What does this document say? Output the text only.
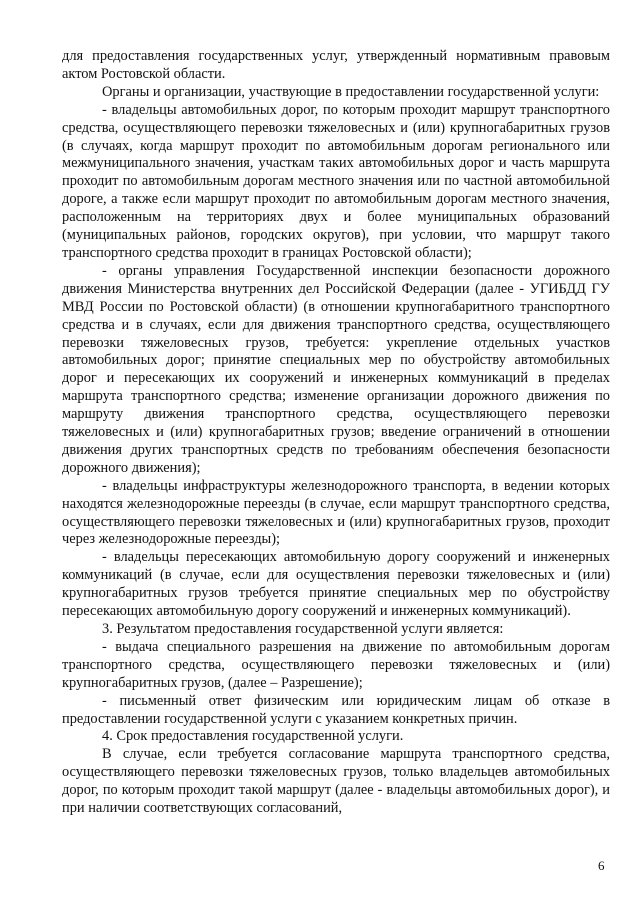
для предоставления государственных услуг, утвержденный нормативным правовым актом Ростовской области.

Органы и организации, участвующие в предоставлении государственной услуги:

- владельцы автомобильных дорог, по которым проходит маршрут транспортного средства, осуществляющего перевозки тяжеловесных и (или) крупногабаритных грузов (в случаях, когда маршрут проходит по автомобильным дорогам регионального или межмуниципального значения, участкам таких автомобильных дорог и часть маршрута проходит по автомобильным дорогам местного значения или по частной автомобильной дороге, а также если маршрут проходит по автомобильным дорогам местного значения, расположенным на территориях двух и более муниципальных образований (муниципальных районов, городских округов), при условии, что маршрут такого транспортного средства проходит в границах Ростовской области);

- органы управления Государственной инспекции безопасности дорожного движения Министерства внутренних дел Российской Федерации (далее - УГИБДД ГУ МВД России по Ростовской области) (в отношении крупногабаритного транспортного средства и в случаях, если для движения транспортного средства, осуществляющего перевозки тяжеловесных грузов, требуется: укрепление отдельных участков автомобильных дорог; принятие специальных мер по обустройству автомобильных дорог и пересекающих их сооружений и инженерных коммуникаций в пределах маршрута транспортного средства; изменение организации дорожного движения по маршруту движения транспортного средства, осуществляющего перевозки тяжеловесных и (или) крупногабаритных грузов; введение ограничений в отношении движения других транспортных средств по требованиям обеспечения безопасности дорожного движения);

- владельцы инфраструктуры железнодорожного транспорта, в ведении которых находятся железнодорожные переезды (в случае, если маршрут транспортного средства, осуществляющего перевозки тяжеловесных и (или) крупногабаритных грузов, проходит через железнодорожные переезды);

- владельцы пересекающих автомобильную дорогу сооружений и инженерных коммуникаций (в случае, если для осуществления перевозки тяжеловесных и (или) крупногабаритных грузов требуется принятие специальных мер по обустройству пересекающих автомобильную дорогу сооружений и инженерных коммуникаций).

3. Результатом предоставления государственной услуги является:

- выдача специального разрешения на движение по автомобильным дорогам транспортного средства, осуществляющего перевозки тяжеловесных и (или) крупногабаритных грузов, (далее – Разрешение);

- письменный ответ физическим или юридическим лицам об отказе в предоставлении государственной услуги с указанием конкретных причин.

4. Срок предоставления государственной услуги.

В случае, если требуется согласование маршрута транспортного средства, осуществляющего перевозки тяжеловесных грузов, только владельцев автомобильных дорог, по которым проходит такой маршрут (далее - владельцы автомобильных дорог), и при наличии соответствующих согласований,

6
